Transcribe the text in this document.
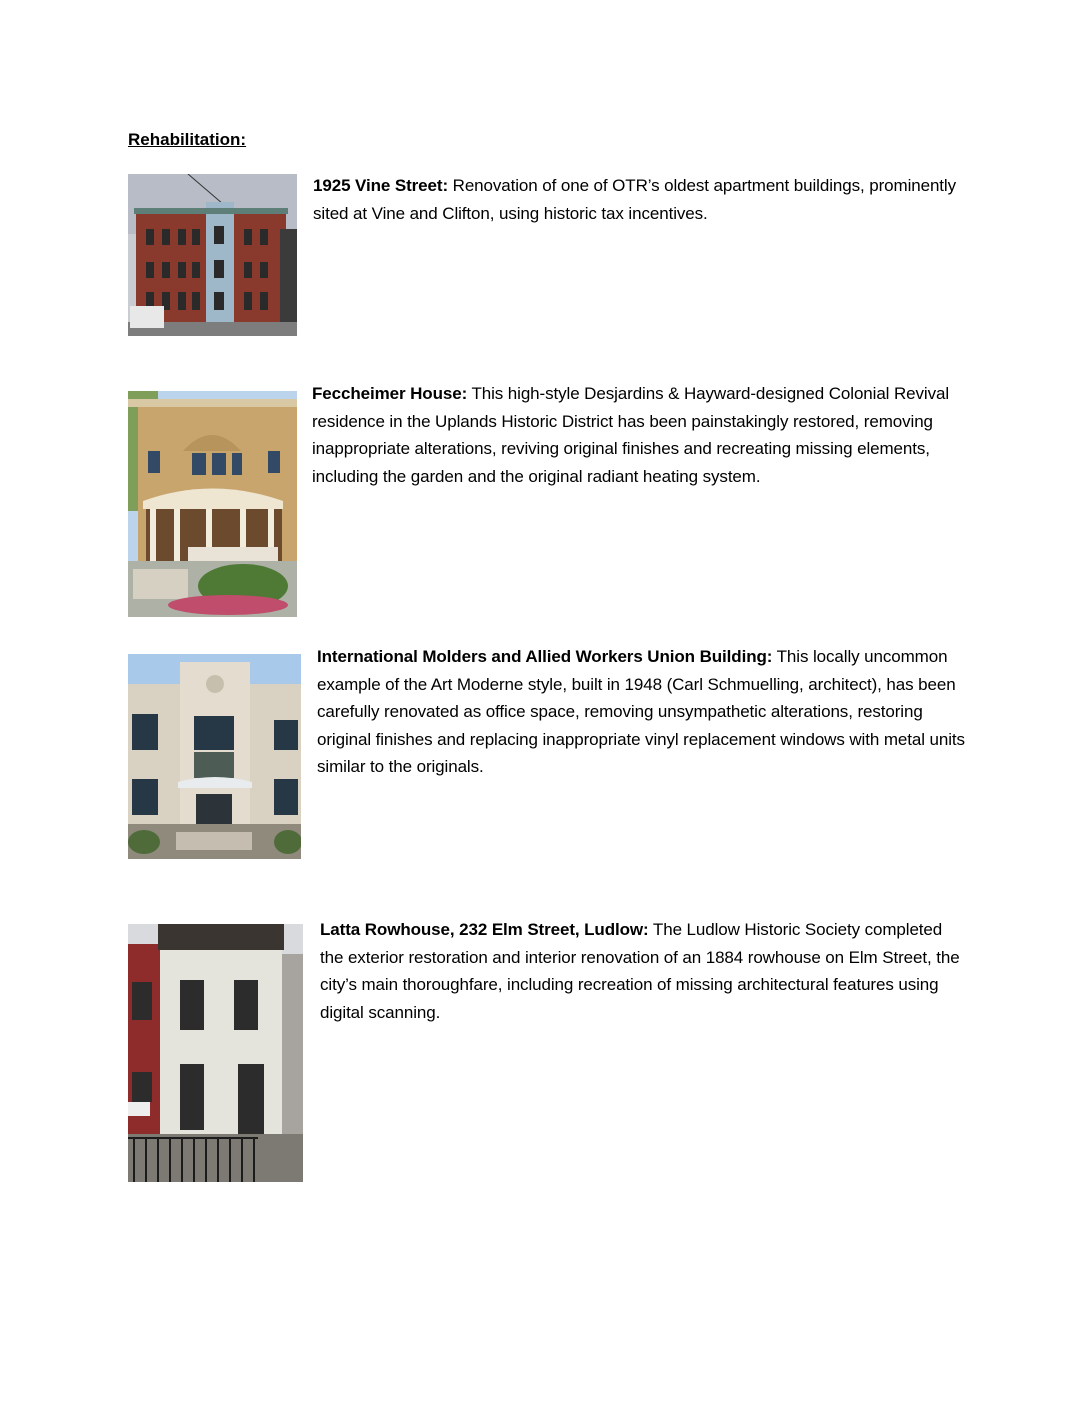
Rehabilitation:
1925 Vine Street: Renovation of one of OTR’s oldest apartment buildings, prominently sited at Vine and Clifton, using historic tax incentives.
Feccheimer House: This high-style Desjardins & Hayward-designed Colonial Revival residence in the Uplands Historic District has been painstakingly restored, removing inappropriate alterations, reviving original finishes and recreating missing elements, including the garden and the original radiant heating system.
International Molders and Allied Workers Union Building: This locally uncommon example of the Art Moderne style, built in 1948 (Carl Schmuelling, architect), has been carefully renovated as office space, removing unsympathetic alterations, restoring original finishes and replacing inappropriate vinyl replacement windows with metal units similar to the originals.
Latta Rowhouse, 232 Elm Street, Ludlow: The Ludlow Historic Society completed the exterior restoration and interior renovation of an 1884 rowhouse on Elm Street, the city’s main thoroughfare, including recreation of missing architectural features using digital scanning.
